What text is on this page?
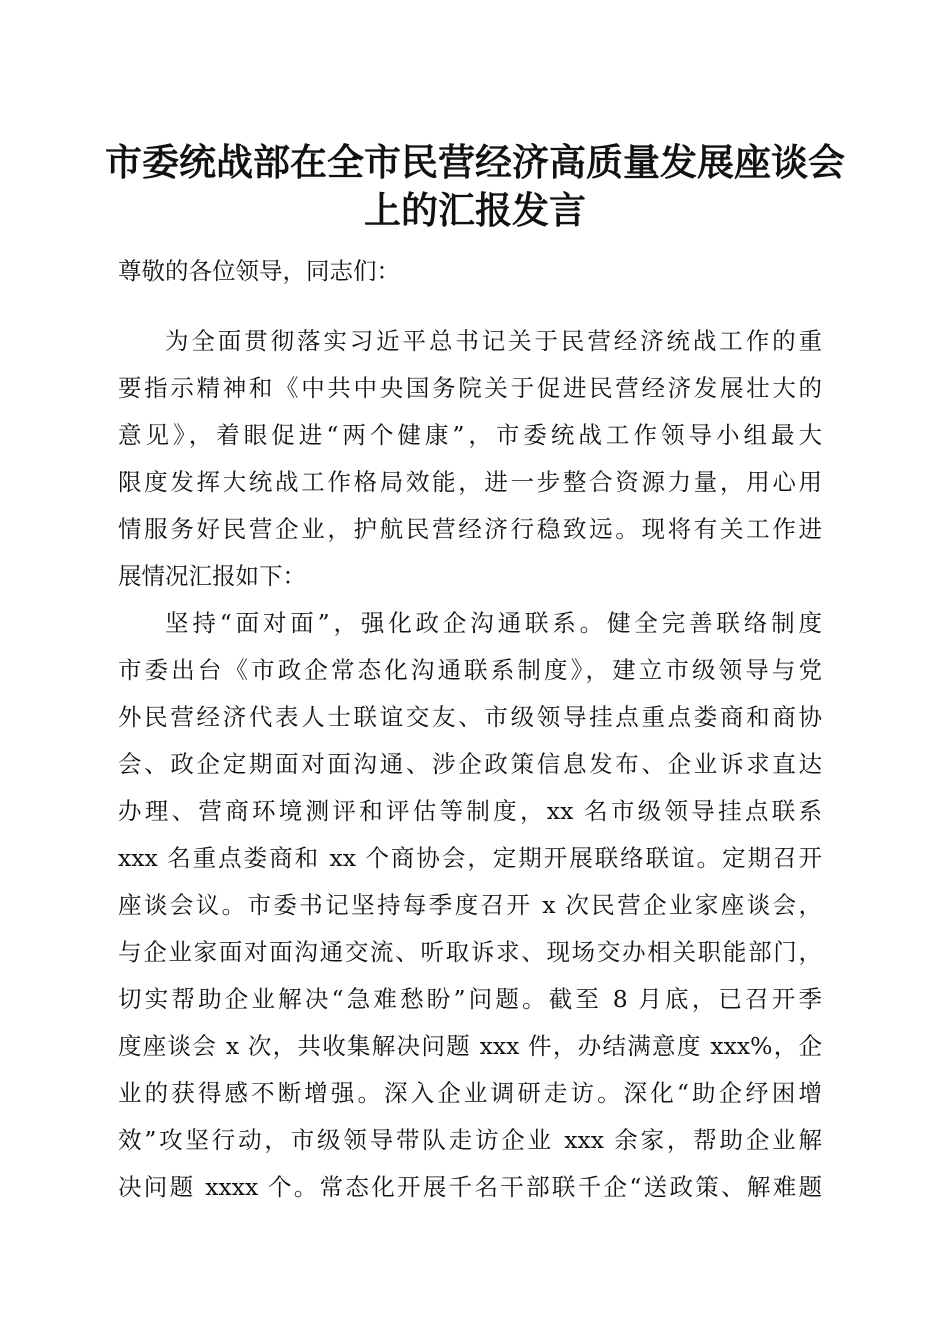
市委统战部在全市民营经济高质量发展座谈会
上的汇报发言
尊敬的各位领导，同志们：
为全面贯彻落实习近平总书记关于民营经济统战工作的重
要指示精神和《中共中央国务院关于促进民营经济发展壮大的
意见》，着眼促进“两个健康”，市委统战工作领导小组最大
限度发挥大统战工作格局效能，进一步整合资源力量，用心用
情服务好民营企业，护航民营经济行稳致远。现将有关工作进
展情况汇报如下：
坚持“面对面”，强化政企沟通联系。健全完善联络制度
市委出台《市政企常态化沟通联系制度》，建立市级领导与党
外民营经济代表人士联谊交友、市级领导挂点重点娄商和商协
会、政企定期面对面沟通、涉企政策信息发布、企业诉求直达
办理、营商环境测评和评估等制度，xx 名市级领导挂点联系
xxx 名重点娄商和 xx 个商协会，定期开展联络联谊。定期召开
座谈会议。市委书记坚持每季度召开 x 次民营企业家座谈会，
与企业家面对面沟通交流、听取诉求、现场交办相关职能部门，
切实帮助企业解决“急难愁盼”问题。截至 8 月底，已召开季
度座谈会 x 次，共收集解决问题 xxx 件，办结满意度 xxx%，企
业的获得感不断增强。深入企业调研走访。深化“助企纾困增
效”攻坚行动，市级领导带队走访企业 xxx 余家，帮助企业解
决问题 xxxx 个。常态化开展千名干部联千企“送政策、解难题
